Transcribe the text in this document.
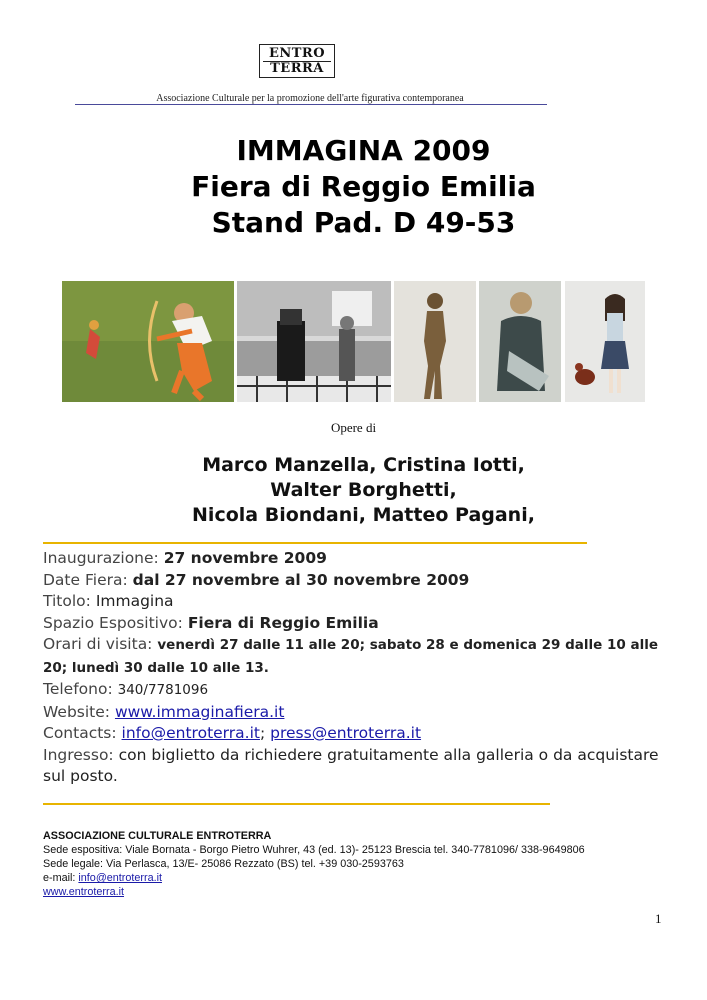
ENTRO
TERRA
Associazione Culturale per la promozione dell'arte figurativa contemporanea
IMMAGINA 2009
Fiera di Reggio Emilia
Stand Pad. D 49-53
Opere di
Marco Manzella, Cristina Iotti,
Walter Borghetti,
Nicola Biondani, Matteo Pagani,
Inaugurazione: 27 novembre 2009
Date Fiera: dal 27 novembre al 30 novembre 2009
Titolo: Immagina
Spazio Espositivo: Fiera di Reggio Emilia
Orari di visita: venerdì 27 dalle 11 alle 20; sabato 28 e domenica 29 dalle 10 alle 20; lunedì 30 dalle 10 alle 13.
Telefono: 340/7781096
Website: www.immaginafiera.it
Contacts: info@entroterra.it; press@entroterra.it
Ingresso: con biglietto da richiedere gratuitamente alla galleria o da acquistare sul posto.
ASSOCIAZIONE CULTURALE ENTROTERRA
Sede espositiva: Viale Bornata - Borgo Pietro Wuhrer, 43 (ed. 13)- 25123 Brescia tel. 340-7781096/ 338-9649806
Sede legale: Via Perlasca, 13/E- 25086 Rezzato (BS) tel. +39 030-2593763
e-mail: info@entroterra.it
www.entroterra.it
1
